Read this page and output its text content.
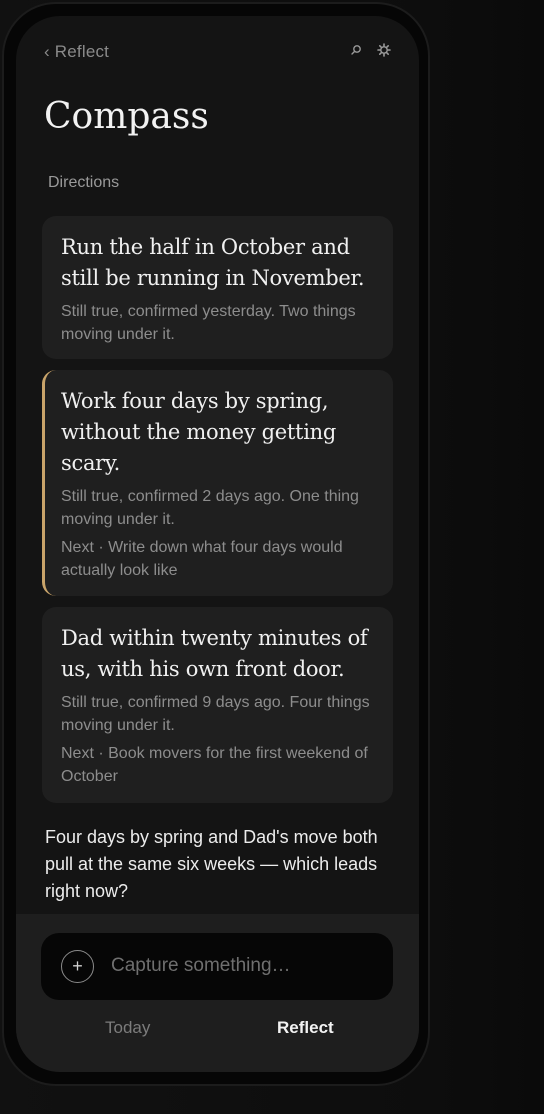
‹ Reflect
Compass
Directions
Run the half in October and still be running in November.
Still true, confirmed yesterday. Two things moving under it.
Work four days by spring, without the money getting scary.
Still true, confirmed 2 days ago. One thing moving under it.
Next · Write down what four days would actually look like
Dad within twenty minutes of us, with his own front door.
Still true, confirmed 9 days ago. Four things moving under it.
Next · Book movers for the first weekend of October
Four days by spring and Dad's move both pull at the same six weeks — which leads right now?
+
Capture something…
Today	Reflect
